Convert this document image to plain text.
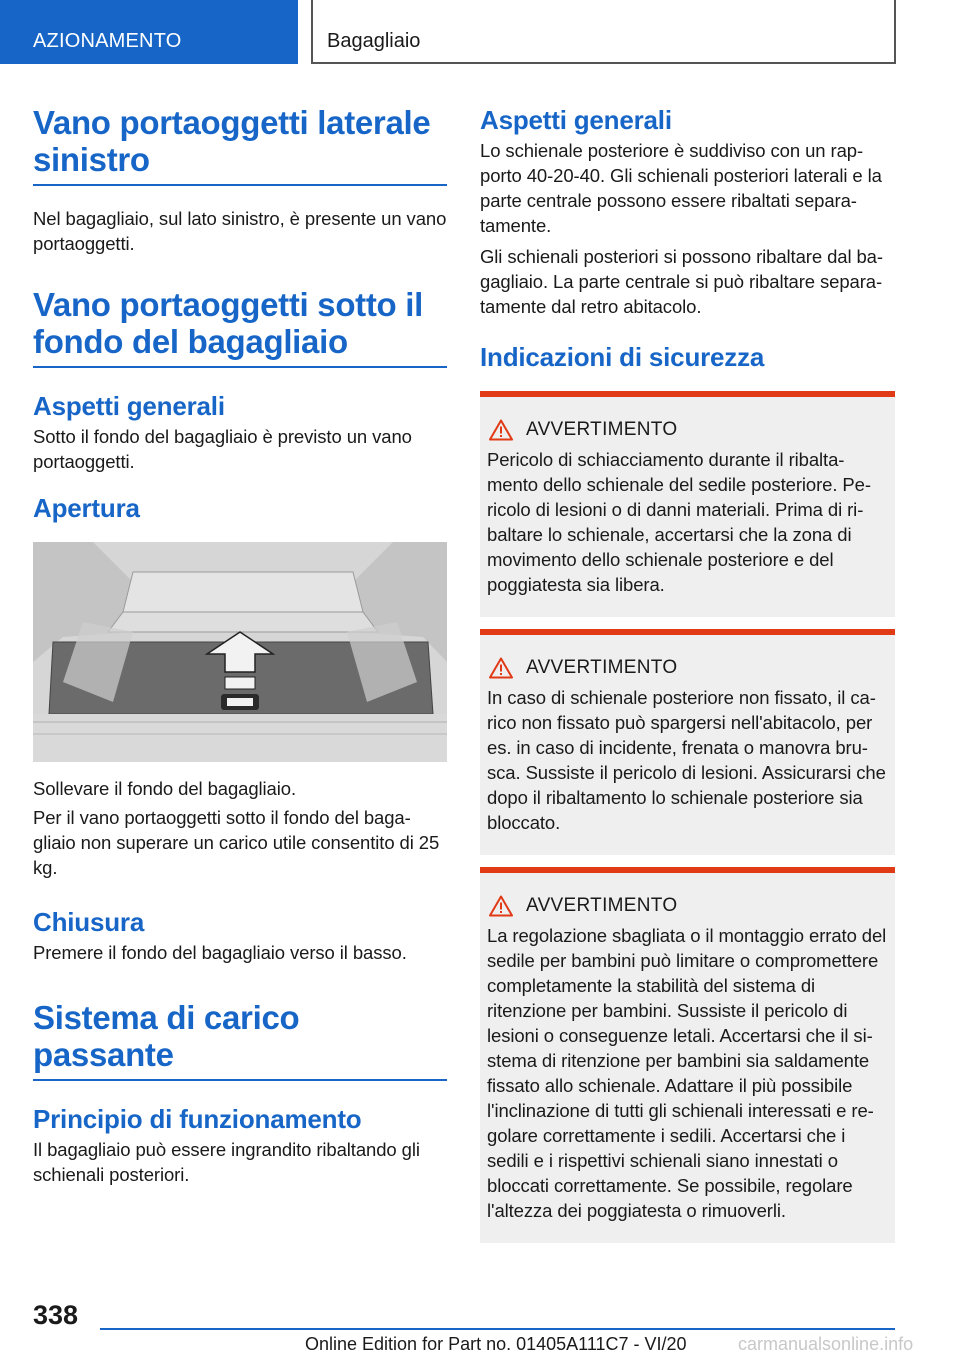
AZIONAMENTO	Bagagliaio
Vano portaoggetti laterale sinistro

Nel bagagliaio, sul lato sinistro, è presente un vano portaoggetti.

Vano portaoggetti sotto il fondo del bagagliaio
Aspetti generali

Sotto il fondo del bagagliaio è previsto un vano portaoggetti.

Apertura

Sollevare il fondo del bagagliaio.

Per il vano portaoggetti sotto il fondo del bagagliaio non superare un carico utile consentito di 25 kg.

Chiusura

Premere il fondo del bagagliaio verso il basso.

Sistema di carico passante
Principio di funzionamento

Il bagagliaio può essere ingrandito ribaltando gli schienali posteriori.

Aspetti generali

Lo schienale posteriore è suddiviso con un rapporto 40-20-40. Gli schienali posteriori laterali e la parte centrale possono essere ribaltati separatamente.

Gli schienali posteriori si possono ribaltare dal bagagliaio. La parte centrale si può ribaltare separatamente dal retro abitacolo.

Indicazioni di sicurezza
AVVERTIMENTO

Pericolo di schiacciamento durante il ribaltamento dello schienale del sedile posteriore. Pericolo di lesioni o di danni materiali. Prima di ribaltare lo schienale, accertarsi che la zona di movimento dello schienale posteriore e del poggiatesta sia libera.

AVVERTIMENTO

In caso di schienale posteriore non fissato, il carico non fissato può spargersi nell'abitacolo, per es. in caso di incidente, frenata o manovra brusca. Sussiste il pericolo di lesioni. Assicurarsi che dopo il ribaltamento lo schienale posteriore sia bloccato.

AVVERTIMENTO

La regolazione sbagliata o il montaggio errato del sedile per bambini può limitare o compromettere completamente la stabilità del sistema di ritenzione per bambini. Sussiste il pericolo di lesioni o conseguenze letali. Accertarsi che il sistema di ritenzione per bambini sia saldamente fissato allo schienale. Adattare il più possibile l'inclinazione di tutti gli schienali interessati e regolare correttamente i sedili. Accertarsi che i sedili e i rispettivi schienali siano innestati o bloccati correttamente. Se possibile, regolare l'altezza dei poggiatesta o rimuoverli.

338
Online Edition for Part no. 01405A111C7 - VI/20	carmanualsonline.info
